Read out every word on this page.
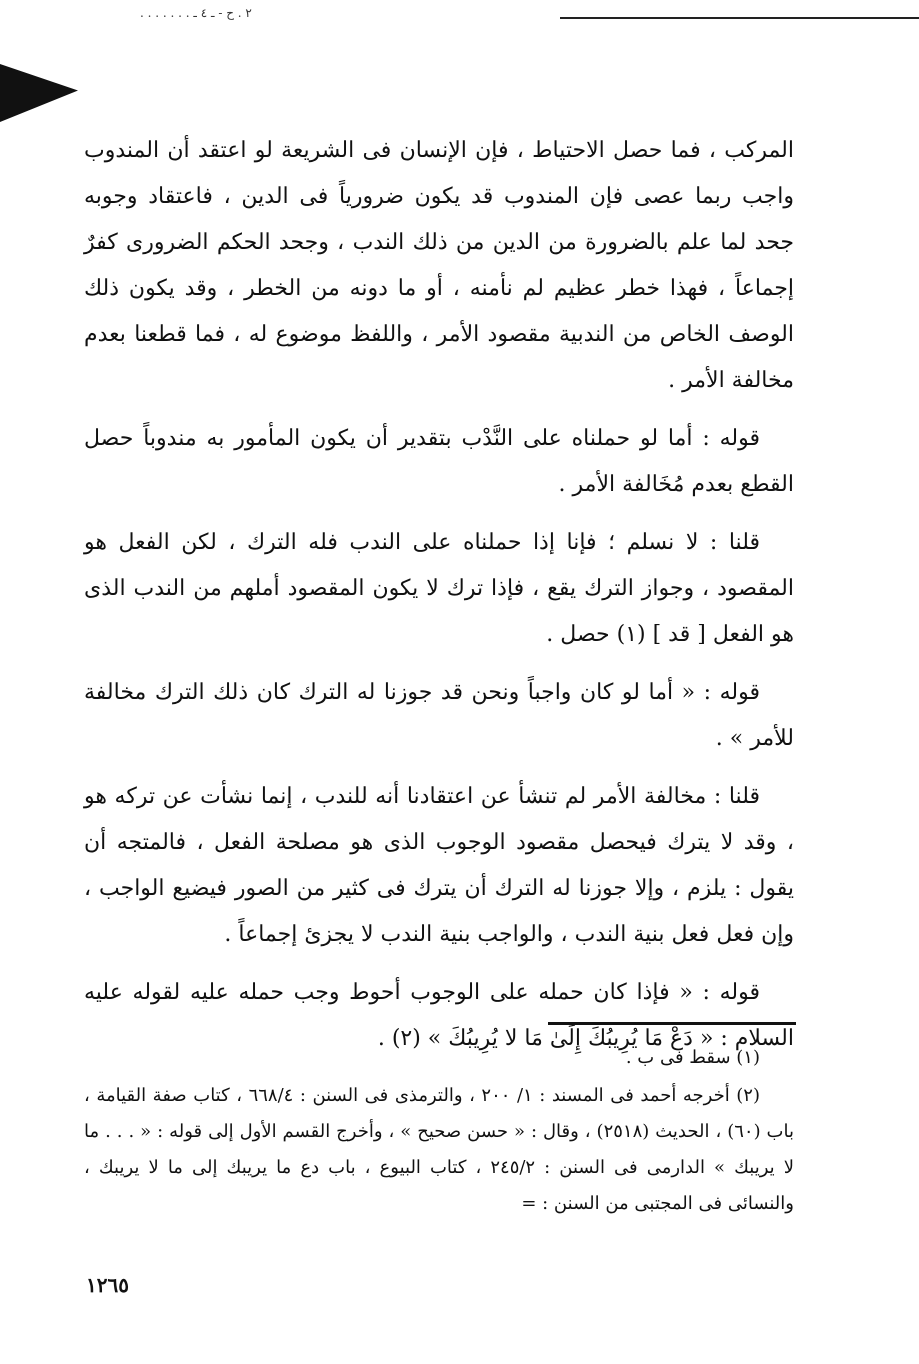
. . . . . . . ٢ . ح - ـ ٤ ـ

المركب ، فما حصل الاحتياط ، فإن الإنسان فى الشريعة لو اعتقد أن المندوب واجب ربما عصى فإن المندوب قد يكون ضرورياً فى الدين ، فاعتقاد وجوبه جحد لما علم بالضرورة من الدين من ذلك الندب ، وجحد الحكم الضرورى كفرٌ إجماعاً ، فهذا خطر عظيم لم نأمنه ، أو ما دونه من الخطر ، وقد يكون ذلك الوصف الخاص من الندبية مقصود الأمر ، واللفظ موضوع له ، فما قطعنا بعدم مخالفة الأمر .

قوله : أما لو حملناه على النَّدْب بتقدير أن يكون المأمور به مندوباً حصل القطع بعدم مُخَالفة الأمر .

قلنا : لا نسلم ؛ فإنا إذا حملناه على الندب فله الترك ، لكن الفعل هو المقصود ، وجواز الترك يقع ، فإذا ترك لا يكون المقصود أملهم من الندب الذى هو الفعل [ قد ] (١) حصل .

قوله : « أما لو كان واجباً ونحن قد جوزنا له الترك كان ذلك الترك مخالفة للأمر » .

قلنا : مخالفة الأمر لم تنشأ عن اعتقادنا أنه للندب ، إنما نشأت عن تركه هو ، وقد لا يترك فيحصل مقصود الوجوب الذى هو مصلحة الفعل ، فالمتجه أن يقول : يلزم ، وإلا جوزنا له الترك أن يترك فى كثير من الصور فيضيع الواجب ، وإن فعل فعل بنية الندب ، والواجب بنية الندب لا يجزئ إجماعاً .

قوله : « فإذا كان حمله على الوجوب أحوط وجب حمله عليه لقوله عليه السلام : « دَعْ مَا يُرِيبُكَ إِلَىٰ مَا لا يُرِيبُكَ » (٢) .

(١) سقط فى ب .

(٢) أخرجه أحمد فى المسند : ١/ ٢٠٠ ، والترمذى فى السنن : ٦٦٨/٤ ، كتاب صفة القيامة ، باب (٦٠) ، الحديث (٢٥١٨) ، وقال : « حسن صحيح » ، وأخرج القسم الأول إلى قوله : « . . . ما لا يريبك » الدارمى فى السنن : ٢٤٥/٢ ، كتاب البيوع ، باب دع ما يريبك إلى ما لا يريبك ، والنسائى فى المجتبى من السنن : =

١٢٦٥
